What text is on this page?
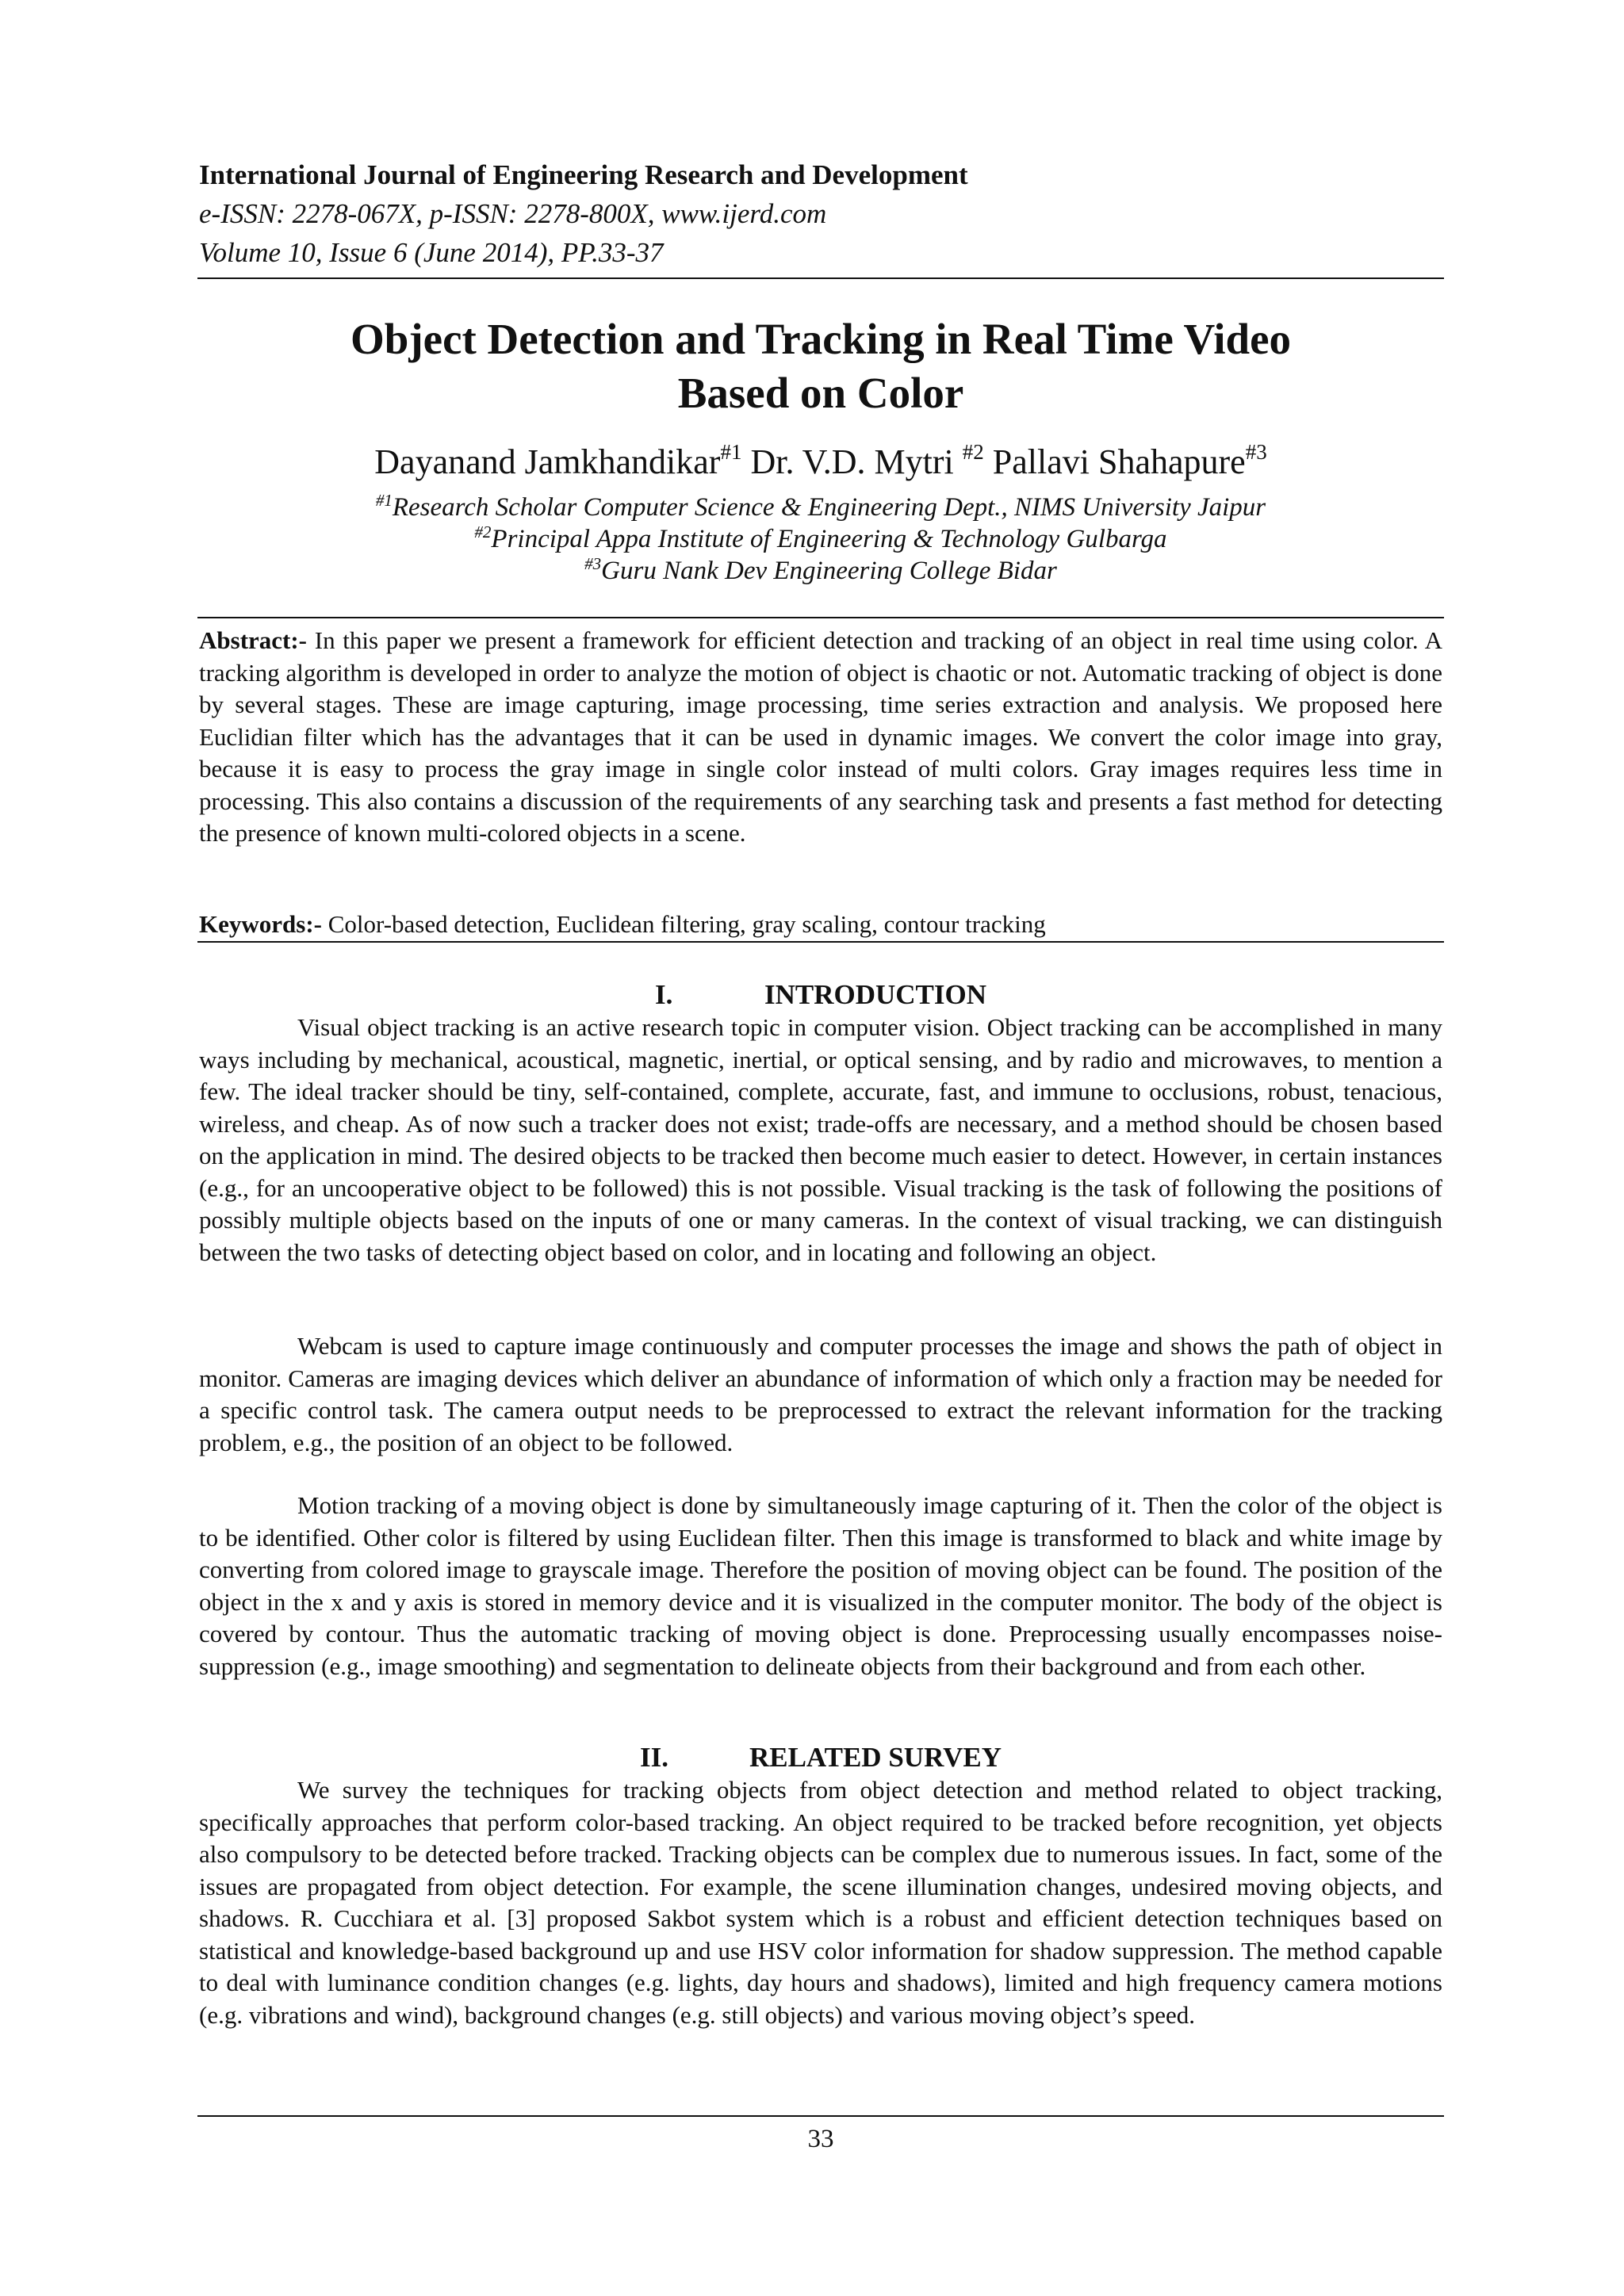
International Journal of Engineering Research and Development
e-ISSN: 2278-067X, p-ISSN: 2278-800X, www.ijerd.com
Volume 10, Issue 6 (June 2014), PP.33-37
Object Detection and Tracking in Real Time Video
Based on Color
Dayanand Jamkhandikar$^{\#1}$ Dr. V.D. Mytri $^{\#2}$ Pallavi Shahapure$^{\#3}$
$^{\#1}$Research Scholar Computer Science & Engineering Dept., NIMS University Jaipur
$^{\#2}$Principal Appa Institute of Engineering & Technology Gulbarga
$^{\#3}$Guru Nank Dev Engineering College Bidar
Abstract:- In this paper we present a framework for efficient detection and tracking of an object in real time using color. A tracking algorithm is developed in order to analyze the motion of object is chaotic or not. Automatic tracking of object is done by several stages. These are image capturing, image processing, time series extraction and analysis. We proposed here Euclidian filter which has the advantages that it can be used in dynamic images. We convert the color image into gray, because it is easy to process the gray image in single color instead of multi colors. Gray images requires less time in processing. This also contains a discussion of the requirements of any searching task and presents a fast method for detecting the presence of known multi-colored objects in a scene.
Keywords:- Color-based detection, Euclidean filtering, gray scaling, contour tracking
I.	INTRODUCTION
Visual object tracking is an active research topic in computer vision. Object tracking can be accomplished in many ways including by mechanical, acoustical, magnetic, inertial, or optical sensing, and by radio and microwaves, to mention a few. The ideal tracker should be tiny, self-contained, complete, accurate, fast, and immune to occlusions, robust, tenacious, wireless, and cheap. As of now such a tracker does not exist; trade-offs are necessary, and a method should be chosen based on the application in mind. The desired objects to be tracked then become much easier to detect. However, in certain instances (e.g., for an uncooperative object to be followed) this is not possible. Visual tracking is the task of following the positions of possibly multiple objects based on the inputs of one or many cameras. In the context of visual tracking, we can distinguish between the two tasks of detecting object based on color, and in locating and following an object.
Webcam is used to capture image continuously and computer processes the image and shows the path of object in monitor. Cameras are imaging devices which deliver an abundance of information of which only a fraction may be needed for a specific control task. The camera output needs to be preprocessed to extract the relevant information for the tracking problem, e.g., the position of an object to be followed.
Motion tracking of a moving object is done by simultaneously image capturing of it. Then the color of the object is to be identified. Other color is filtered by using Euclidean filter. Then this image is transformed to black and white image by converting from colored image to grayscale image. Therefore the position of moving object can be found. The position of the object in the x and y axis is stored in memory device and it is visualized in the computer monitor. The body of the object is covered by contour. Thus the automatic tracking of moving object is done. Preprocessing usually encompasses noise-suppression (e.g., image smoothing) and segmentation to delineate objects from their background and from each other.
II.	RELATED SURVEY
We survey the techniques for tracking objects from object detection and method related to object tracking, specifically approaches that perform color-based tracking. An object required to be tracked before recognition, yet objects also compulsory to be detected before tracked. Tracking objects can be complex due to numerous issues. In fact, some of the issues are propagated from object detection. For example, the scene illumination changes, undesired moving objects, and shadows. R. Cucchiara et al. [3] proposed Sakbot system which is a robust and efficient detection techniques based on statistical and knowledge-based background up and use HSV color information for shadow suppression. The method capable to deal with luminance condition changes (e.g. lights, day hours and shadows), limited and high frequency camera motions (e.g. vibrations and wind), background changes (e.g. still objects) and various moving object’s speed.
33
